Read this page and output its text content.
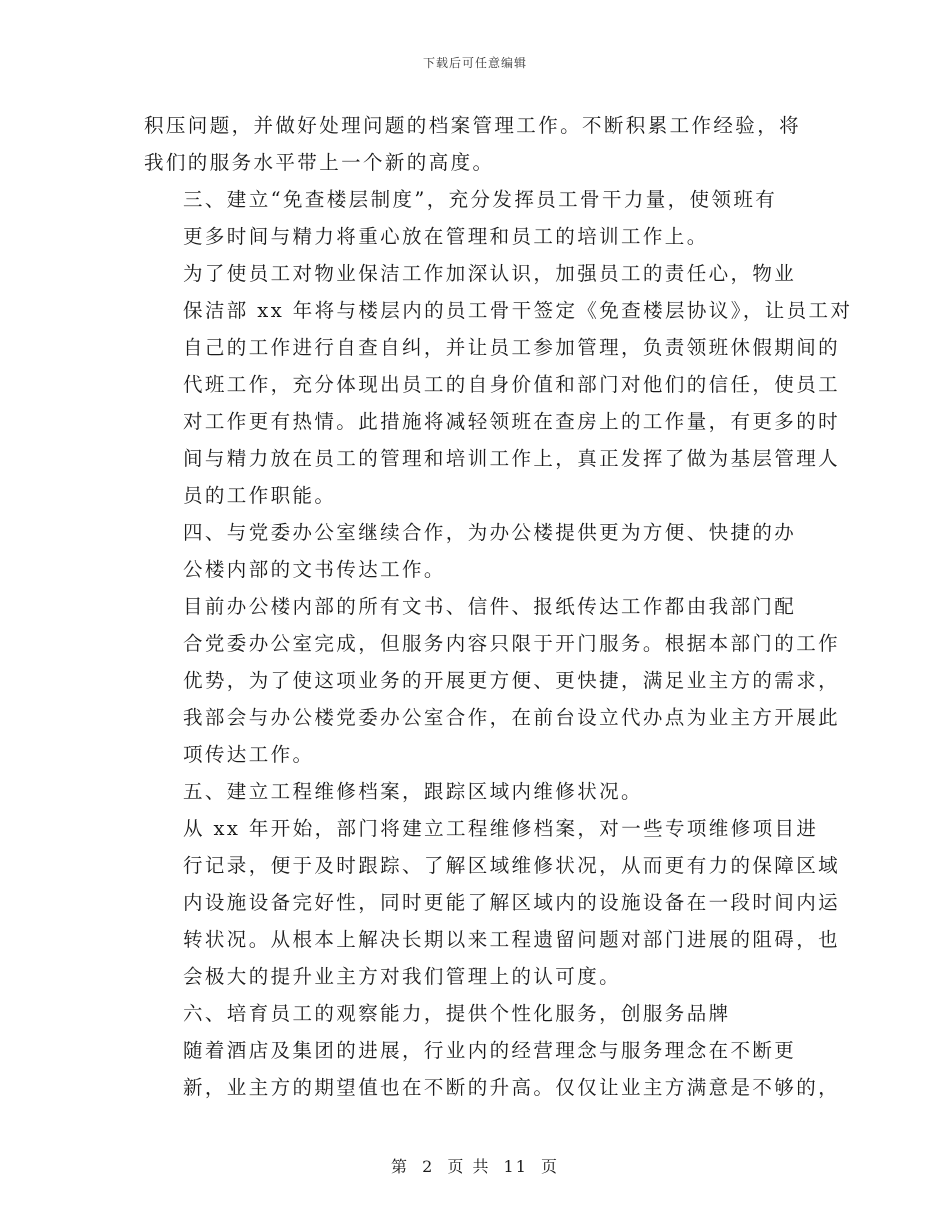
下载后可任意编辑

积压问题，并做好处理问题的档案管理工作。不断积累工作经验，将
我们的服务水平带上一个新的高度。

三、建立“免查楼层制度”，充分发挥员工骨干力量，使领班有
更多时间与精力将重心放在管理和员工的培训工作上。

为了使员工对物业保洁工作加深认识，加强员工的责任心，物业
保洁部 xx 年将与楼层内的员工骨干签定《免查楼层协议》，让员工对
自己的工作进行自查自纠，并让员工参加管理，负责领班休假期间的
代班工作，充分体现出员工的自身价值和部门对他们的信任，使员工
对工作更有热情。此措施将减轻领班在查房上的工作量，有更多的时
间与精力放在员工的管理和培训工作上，真正发挥了做为基层管理人
员的工作职能。

四、与党委办公室继续合作，为办公楼提供更为方便、快捷的办
公楼内部的文书传达工作。

目前办公楼内部的所有文书、信件、报纸传达工作都由我部门配
合党委办公室完成，但服务内容只限于开门服务。根据本部门的工作
优势，为了使这项业务的开展更方便、更快捷，满足业主方的需求，
我部会与办公楼党委办公室合作，在前台设立代办点为业主方开展此
项传达工作。

五、建立工程维修档案，跟踪区域内维修状况。

从 xx 年开始，部门将建立工程维修档案，对一些专项维修项目进
行记录，便于及时跟踪、了解区域维修状况，从而更有力的保障区域
内设施设备完好性，同时更能了解区域内的设施设备在一段时间内运
转状况。从根本上解决长期以来工程遗留问题对部门进展的阻碍，也
会极大的提升业主方对我们管理上的认可度。

六、培育员工的观察能力，提供个性化服务，创服务品牌

随着酒店及集团的进展，行业内的经营理念与服务理念在不断更
新，业主方的期望值也在不断的升高。仅仅让业主方满意是不够的，

第 2 页 共 11 页
